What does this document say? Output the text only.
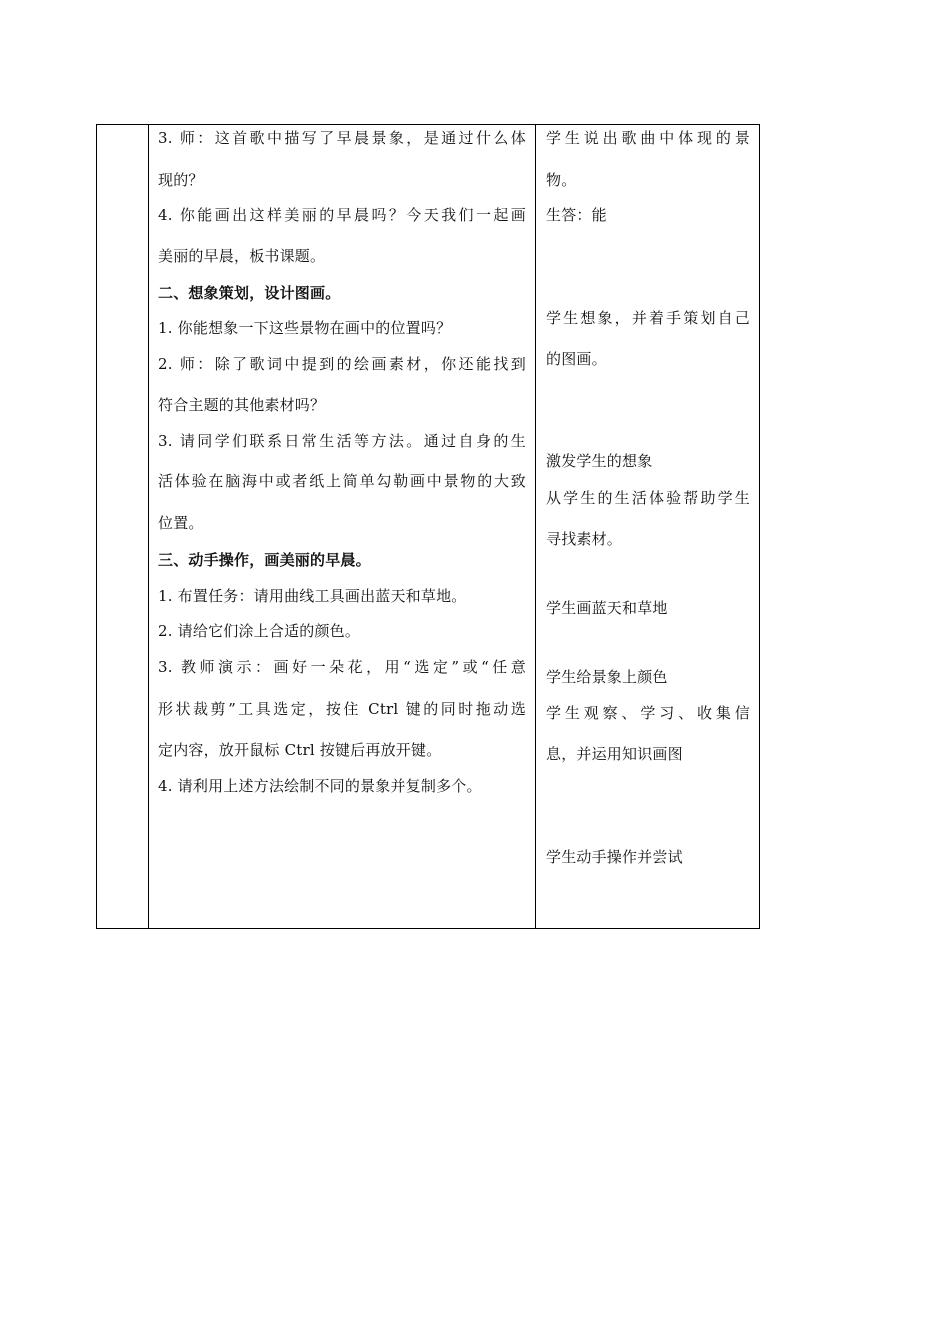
3. 师：这首歌中描写了早晨景象，是通过什么体
现的？
4. 你能画出这样美丽的早晨吗？今天我们一起画
美丽的早晨，板书课题。
二、想象策划，设计图画。
1. 你能想象一下这些景物在画中的位置吗？
2. 师：除了歌词中提到的绘画素材，你还能找到
符合主题的其他素材吗？
3. 请同学们联系日常生活等方法。通过自身的生
活体验在脑海中或者纸上简单勾勒画中景物的大致
位置。
三、动手操作，画美丽的早晨。
1. 布置任务：请用曲线工具画出蓝天和草地。
2. 请给它们涂上合适的颜色。
3. 教师演示：画好一朵花，用“选定”或“任意
形状裁剪”工具选定，按住 Ctrl 键的同时拖动选
定内容，放开鼠标 Ctrl 按键后再放开键。
4. 请利用上述方法绘制不同的景象并复制多个。
学生说出歌曲中体现的景
物。
生答：能
学生想象，并着手策划自己
的图画。
激发学生的想象
从学生的生活体验帮助学生
寻找素材。
学生画蓝天和草地
学生给景象上颜色
学生观察、学习、收集信
息，并运用知识画图
学生动手操作并尝试
